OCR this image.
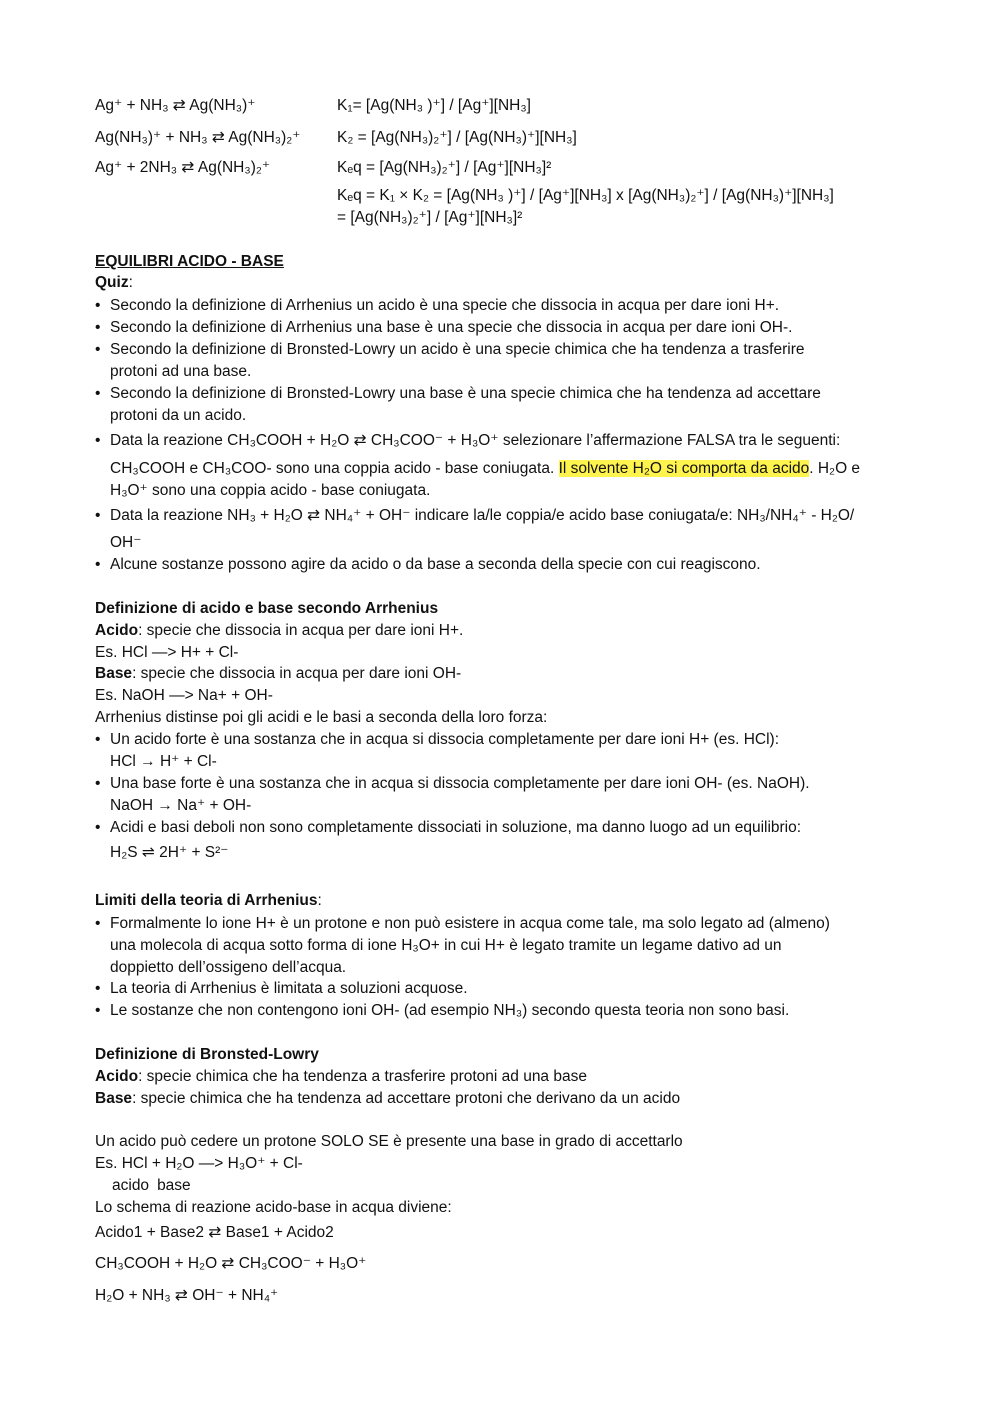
Ag⁺ + NH₃ ⇄ Ag(NH₃)⁺
Ag(NH₃)⁺ + NH₃ ⇄ Ag(NH₃)₂⁺
Ag⁺ + 2NH₃ ⇄ Ag(NH₃)₂⁺
K₁= [Ag(NH₃ )⁺] / [Ag⁺][NH₃]
K₂ = [Ag(NH₃)₂⁺] / [Ag(NH₃)⁺][NH₃]
Kₑq = [Ag(NH₃)₂⁺] / [Ag⁺][NH₃]²
Kₑq = K₁ × K₂ = [Ag(NH₃ )⁺] / [Ag⁺][NH₃] x [Ag(NH₃)₂⁺] / [Ag(NH₃)⁺][NH₃]
= [Ag(NH₃)₂⁺] / [Ag⁺][NH₃]²
EQUILIBRI ACIDO - BASE
Quiz:
• Secondo la definizione di Arrhenius un acido è una specie che dissocia in acqua per dare ioni H+.
• Secondo la definizione di Arrhenius una base è una specie che dissocia in acqua per dare ioni OH-.
• Secondo la definizione di Bronsted-Lowry un acido è una specie chimica che ha tendenza a trasferire
protoni ad una base.
• Secondo la definizione di Bronsted-Lowry una base è una specie chimica che ha tendenza ad accettare
protoni da un acido.
• Data la reazione CH₃COOH + H₂O ⇄ CH₃COO⁻ + H₃O⁺ selezionare l’affermazione FALSA tra le seguenti:
CH₃COOH e CH₃COO- sono una coppia acido - base coniugata. Il solvente H₂O si comporta da acido. H₂O e
H₃O⁺ sono una coppia acido - base coniugata.
• Data la reazione NH₃ + H₂O ⇄ NH₄⁺ + OH⁻ indicare la/le coppia/e acido base coniugata/e: NH₃/NH₄⁺ - H₂O/
OH⁻
• Alcune sostanze possono agire da acido o da base a seconda della specie con cui reagiscono.
Definizione di acido e base secondo Arrhenius
Acido: specie che dissocia in acqua per dare ioni H+.
Es. HCl —> H+ + Cl-
Base: specie che dissocia in acqua per dare ioni OH-
Es. NaOH —> Na+ + OH-
Arrhenius distinse poi gli acidi e le basi a seconda della loro forza:
• Un acido forte è una sostanza che in acqua si dissocia completamente per dare ioni H+ (es. HCl):
HCl → H⁺ + Cl-
• Una base forte è una sostanza che in acqua si dissocia completamente per dare ioni OH- (es. NaOH).
NaOH → Na⁺ + OH-
• Acidi e basi deboli non sono completamente dissociati in soluzione, ma danno luogo ad un equilibrio:
H₂S ⇌ 2H⁺ + S²⁻
Limiti della teoria di Arrhenius:
• Formalmente lo ione H+ è un protone e non può esistere in acqua come tale, ma solo legato ad (almeno)
una molecola di acqua sotto forma di ione H₃O+ in cui H+ è legato tramite un legame dativo ad un
doppietto dell’ossigeno dell’acqua.
• La teoria di Arrhenius è limitata a soluzioni acquose.
• Le sostanze che non contengono ioni OH- (ad esempio NH₃) secondo questa teoria non sono basi.
Definizione di Bronsted-Lowry
Acido: specie chimica che ha tendenza a trasferire protoni ad una base
Base: specie chimica che ha tendenza ad accettare protoni che derivano da un acido
Un acido può cedere un protone SOLO SE è presente una base in grado di accettarlo
Es. HCl + H₂O —> H₃O⁺ + Cl-
acido base
Lo schema di reazione acido-base in acqua diviene:
Acido1 + Base2 ⇄ Base1 + Acido2
CH₃COOH + H₂O ⇄ CH₃COO⁻ + H₃O⁺
H₂O + NH₃ ⇄ OH⁻ + NH₄⁺
